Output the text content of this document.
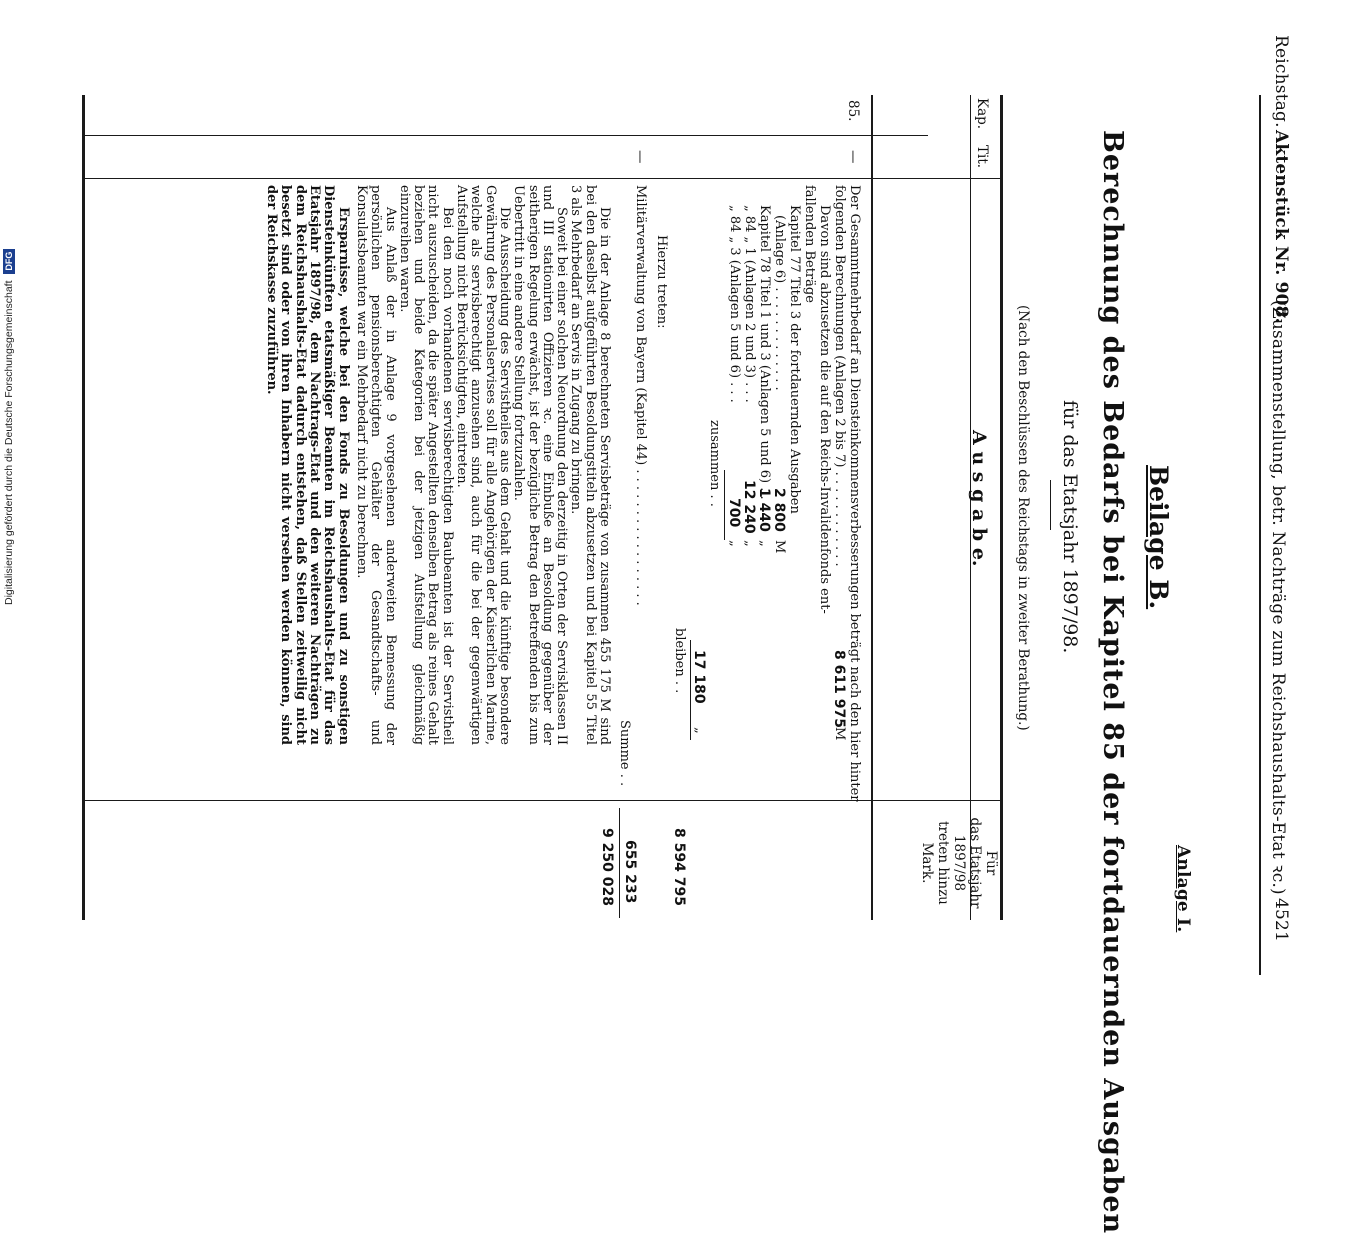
Digitalisierung gefördert durch die Deutsche Forschungsgemeinschaft DFG
Reichstag.
Aktenstück Nr. 908.
(Zusammenstellung, betr. Nachträge zum Reichshaushalts-Etat ꝛc.)
4521
Anlage I.
Beilage B.
Berechnung des Bedarfs bei Kapitel 85 der fortdauernden Ausgaben
für das Etatsjahr 1897/98.
(Nach den Beschlüssen des Reichstags in zweiter Berathung.)
Kap.
Tit.
A u s g a b e.
Für
das Etatsjahr
1897/98
treten hinzu
Mark.
85.
—
Der Gesammtmehrbedarf an Diensteinkommensverbesserungen beträgt nach den hier hinter
folgenden Berechnungen (Anlagen 2 bis 7) . . . . . . . . . . . .
8 611 975
M
Davon sind abzusetzen die auf den Reichs-Invalidenfonds ent-
fallenden Beträge
Kapitel 77 Titel 3 der fortdauernden Ausgaben
(Anlage 6) . . . . . . . . . . . . .
2 800
M
Kapitel 78 Titel 1 und 3 (Anlagen 5 und 6) . .
1 440
„
„ 84 „ 1 (Anlagen 2 und 3) . . .
12 240
„
„ 84 „ 3 (Anlagen 5 und 6) . . .
700
„
zusammen . .
17 180
„
bleiben . .
8 594 795
Hierzu treten:
—
Militärverwaltung von Bayern (Kapitel 44) . . . . . . . . . . . . . . . . .
655 233
Summe . .
9 250 028

Die in der Anlage 8 berechneten Servisbeträge von zusammen 455 175 M sind bei den daselbst aufgeführten Besoldungstiteln abzusetzen und bei Kapitel 55 Titel 3 als Mehrbedarf an Servis in Zugang zu bringen.

Soweit bei einer solchen Neuordnung den derzeitig in Orten der Servisklassen II und III stationirten Offizieren ꝛc. eine Einbuße an Besoldung gegenüber der seitherigen Regelung erwächst, ist der bezügliche Betrag den Betreffenden bis zum Uebertritt in eine andere Stellung fortzuzahlen.

Die Ausscheidung des Servistheiles aus dem Gehalt und die künftige besondere Gewährung des Personalservises soll für alle Angehörigen der Kaiserlichen Marine, welche als servisberechtigt anzusehen sind, auch für die bei der gegenwärtigen Aufstellung nicht Berücksichtigten, eintreten.

Bei den noch vorhandenen servisberechtigten Baubeamten ist der Servistheil nicht auszuscheiden, da die später Angestellten denselben Betrag als reines Gehalt beziehen und beide Kategorien bei der jetzigen Aufstellung gleichmäßig einzureihen waren.

Aus Anlaß der in Anlage 9 vorgesehenen anderweiten Bemessung der persönlichen pensionsberechtigten Gehälter der Gesandtschafts- und Konsulatsbeamten war ein Mehrbedarf nicht zu berechnen.

Ersparnisse, welche bei den Fonds zu Besoldungen und zu sonstigen Diensteinkünften etatsmäßiger Beamten im Reichshaushalts-Etat für das Etatsjahr 1897/98, dem Nachtrags-Etat und den weiteren Nachträgen zu dem Reichshaushalts-Etat dadurch entstehen, daß Stellen zeitweilig nicht besetzt sind oder von ihren Inhabern nicht versehen werden können, sind der Reichskasse zuzuführen.
